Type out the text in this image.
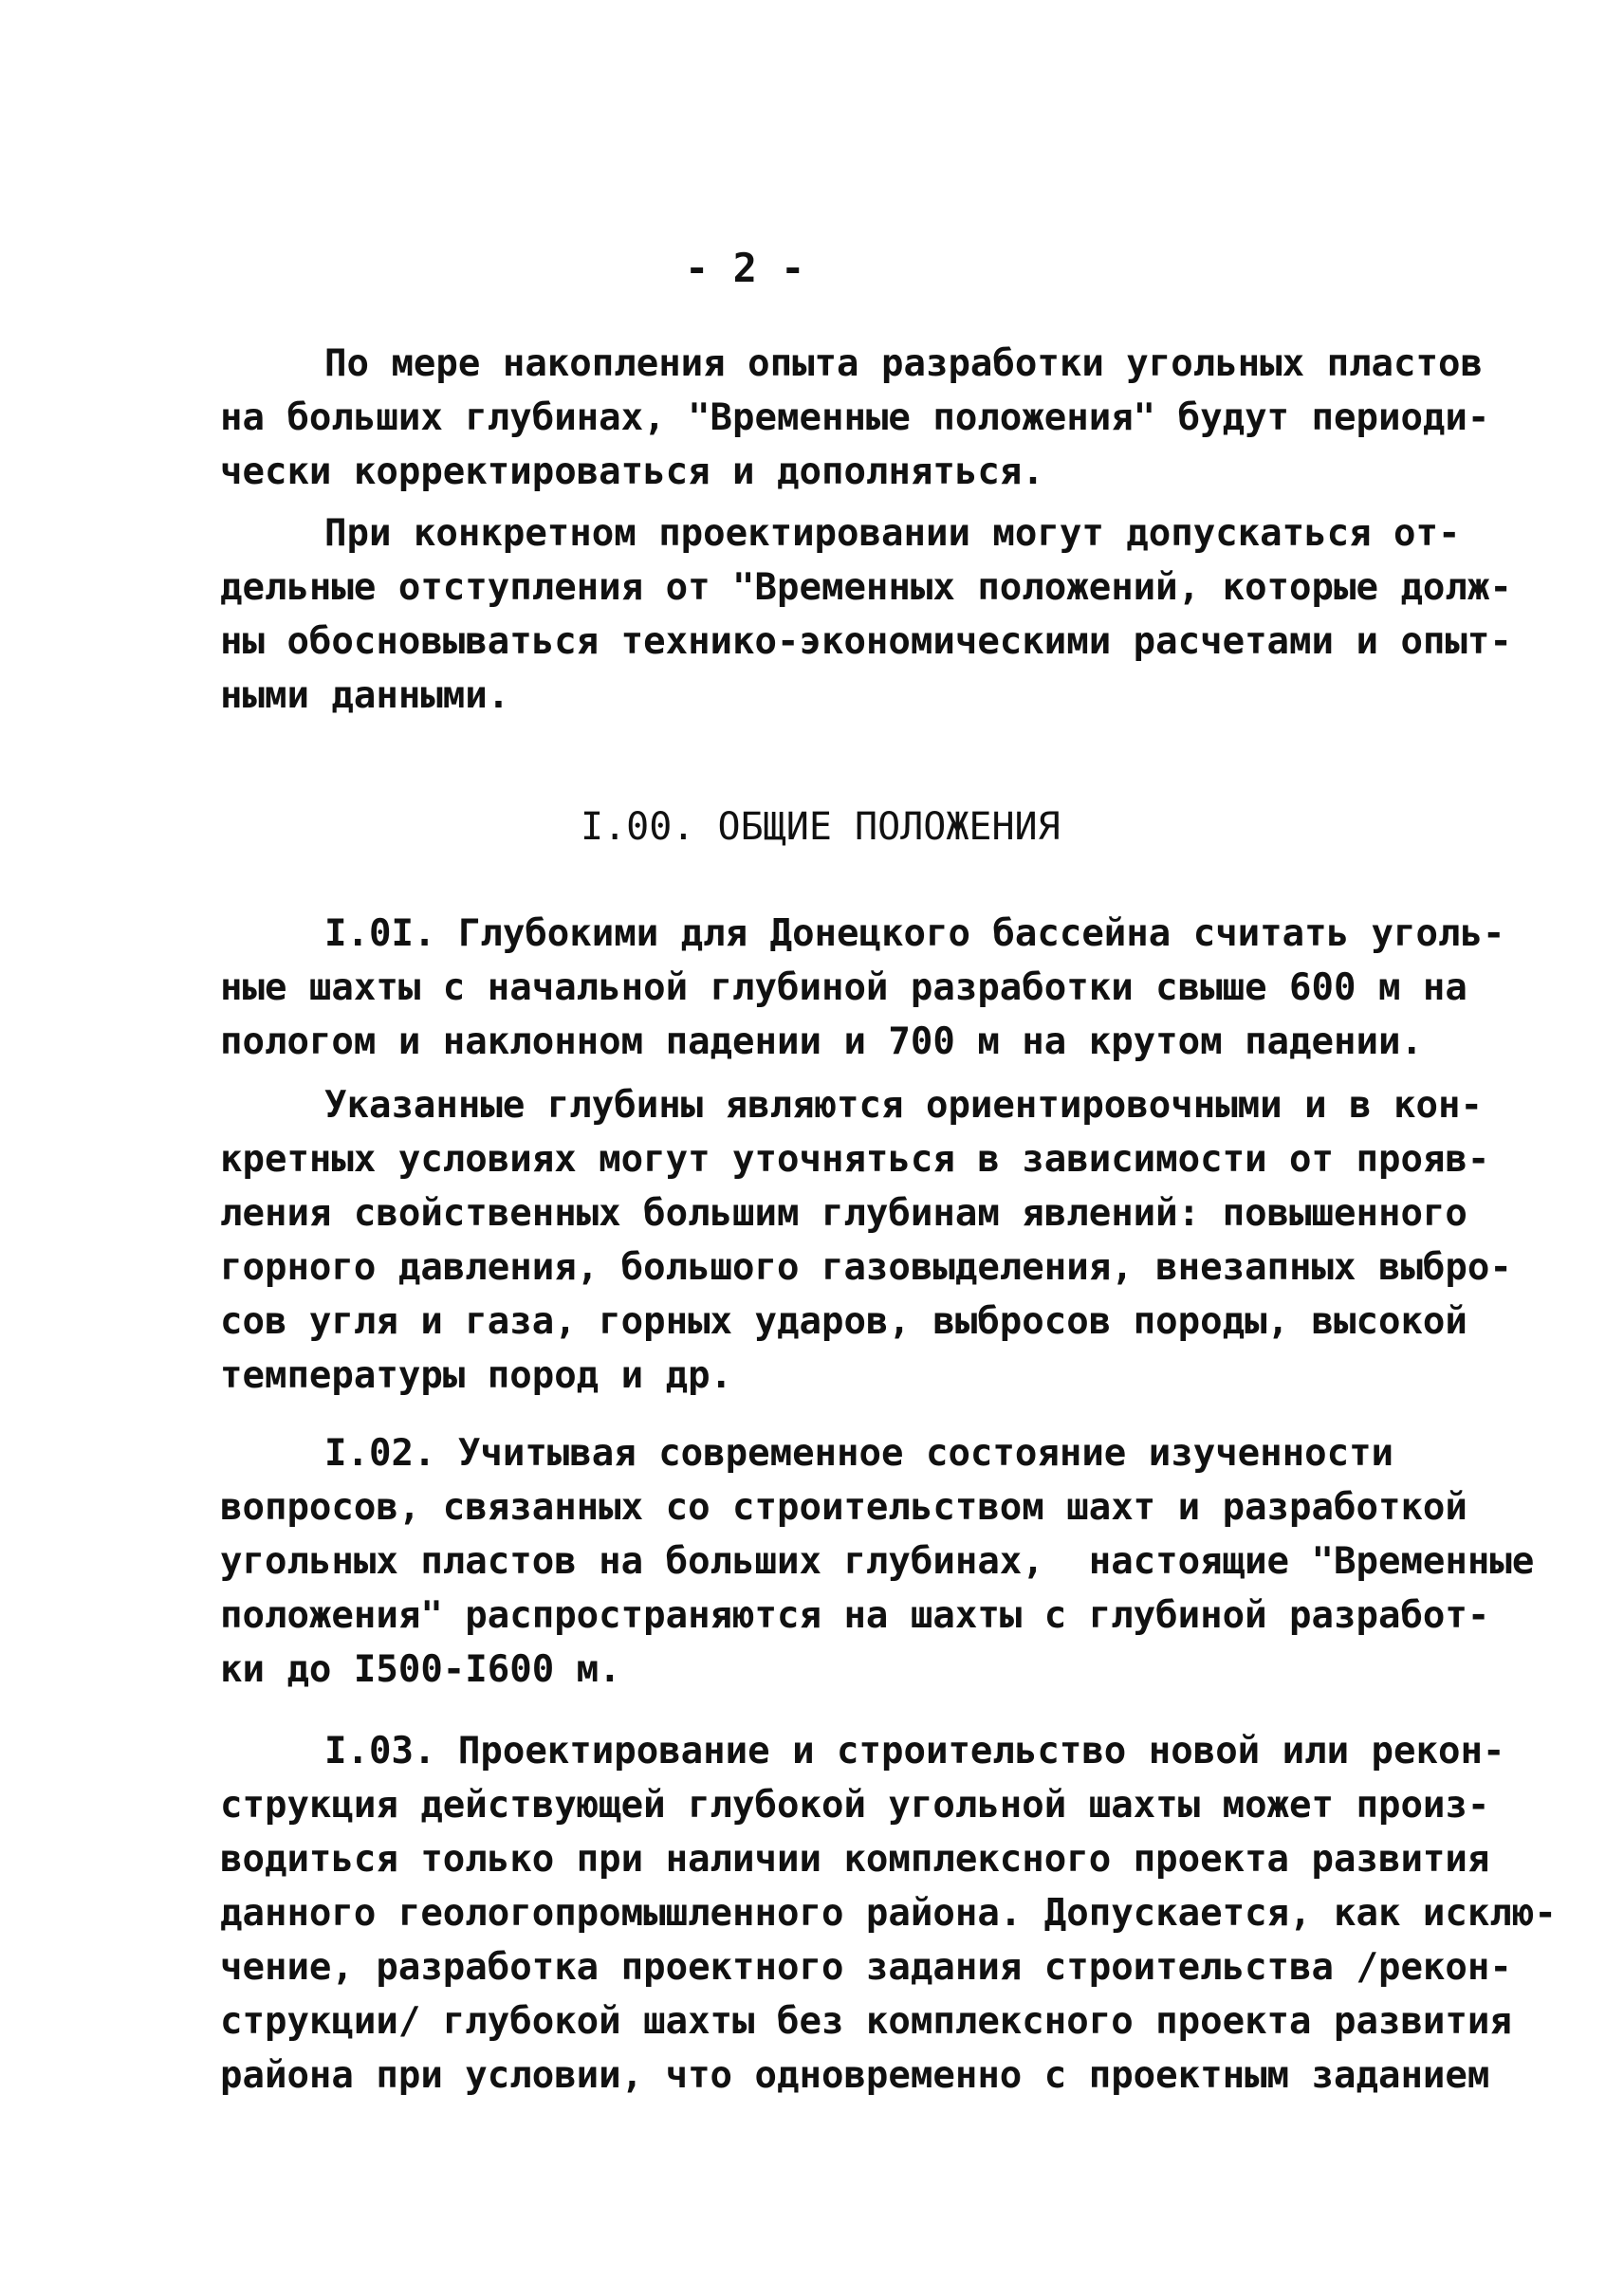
- 2 -
По мере накопления опыта разработки угольных пластов
на больших глубинах, "Временные положения" будут периоди-
чески корректироваться и дополняться.
При конкретном проектировании могут допускаться от-
дельные отступления от "Временных положений, которые долж-
ны обосновываться технико-экономическими расчетами и опыт-
ными данными.
I.00. ОБЩИЕ ПОЛОЖЕНИЯ
I.0I. Глубокими для Донецкого бассейна считать уголь-
ные шахты с начальной глубиной разработки свыше 600 м на
пологом и наклонном падении и 700 м на крутом падении.
Указанные глубины являются ориентировочными и в кон-
кретных условиях могут уточняться в зависимости от прояв-
ления свойственных большим глубинам явлений: повышенного
горного давления, большого газовыделения, внезапных выбро-
сов угля и газа, горных ударов, выбросов породы, высокой
температуры пород и др.
I.02. Учитывая современное состояние изученности
вопросов, связанных со строительством шахт и разработкой
угольных пластов на больших глубинах,  настоящие "Временные
положения" распространяются на шахты с глубиной разработ-
ки до I500-I600 м.
I.03. Проектирование и строительство новой или рекон-
струкция действующей глубокой угольной шахты может произ-
водиться только при наличии комплексного проекта развития
данного геологопромышленного района. Допускается, как исклю-
чение, разработка проектного задания строительства /рекон-
струкции/ глубокой шахты без комплексного проекта развития
района при условии, что одновременно с проектным заданием
